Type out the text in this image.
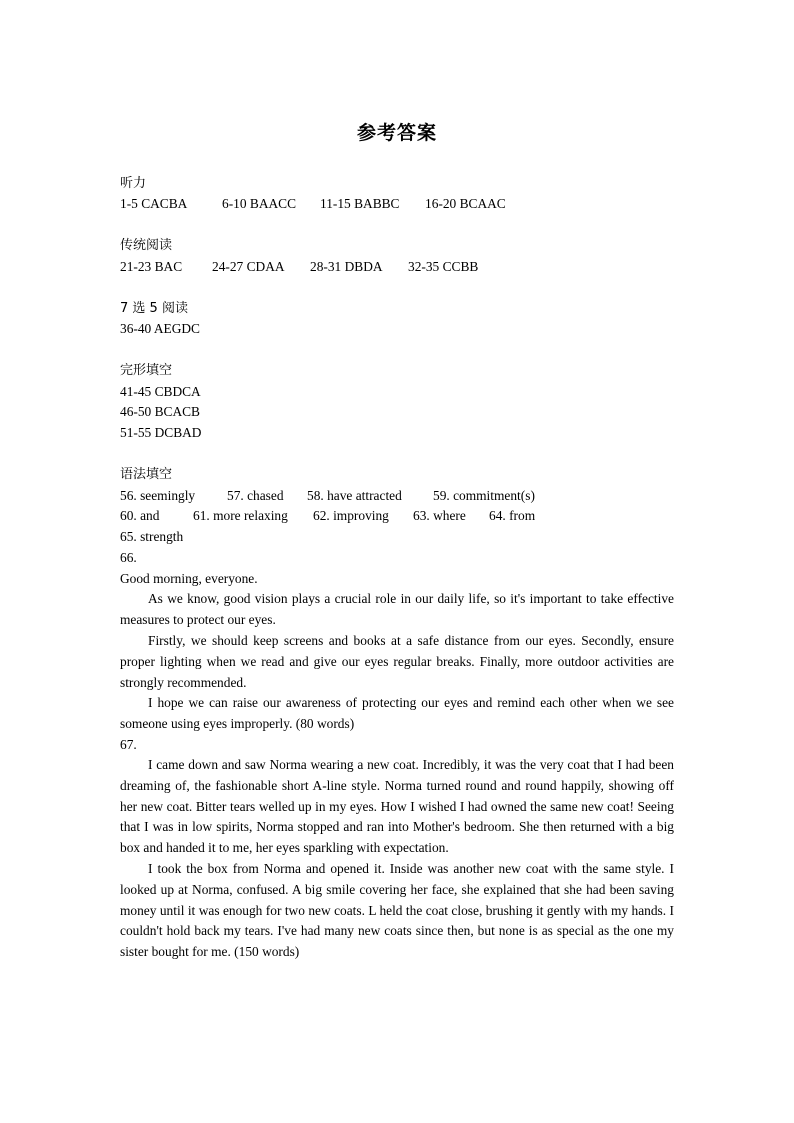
参考答案
听力
1-5 CACBA	6-10 BAACC 11-15 BABBC 16-20 BCAAC
传统阅读
21-23 BAC 24-27 CDAA 28-31 DBDA 32-35 CCBB
7 选 5 阅读
36-40 AEGDC
完形填空
41-45 CBDCA
46-50 BCACB
51-55 DCBAD
语法填空
56. seemingly 57. chased 58. have attracted 59. commitment(s)
60. and	61. more relaxing 62. improving 63. where 64. from
65. strength
66.
Good morning, everyone.
As we know, good vision plays a crucial role in our daily life, so it's important to take effective measures to protect our eyes.
Firstly, we should keep screens and books at a safe distance from our eyes. Secondly, ensure proper lighting when we read and give our eyes regular breaks. Finally, more outdoor activities are strongly recommended.
I hope we can raise our awareness of protecting our eyes and remind each other when we see someone using eyes improperly. (80 words)
67.
I came down and saw Norma wearing a new coat. Incredibly, it was the very coat that I had been dreaming of, the fashionable short A-line style. Norma turned round and round happily, showing off her new coat. Bitter tears welled up in my eyes. How I wished I had owned the same new coat! Seeing that I was in low spirits, Norma stopped and ran into Mother's bedroom. She then returned with a big box and handed it to me, her eyes sparkling with expectation.
I took the box from Norma and opened it. Inside was another new coat with the same style. I looked up at Norma, confused. A big smile covering her face, she explained that she had been saving money until it was enough for two new coats. L held the coat close, brushing it gently with my hands. I couldn't hold back my tears. I've had many new coats since then, but none is as special as the one my sister bought for me. (150 words)
